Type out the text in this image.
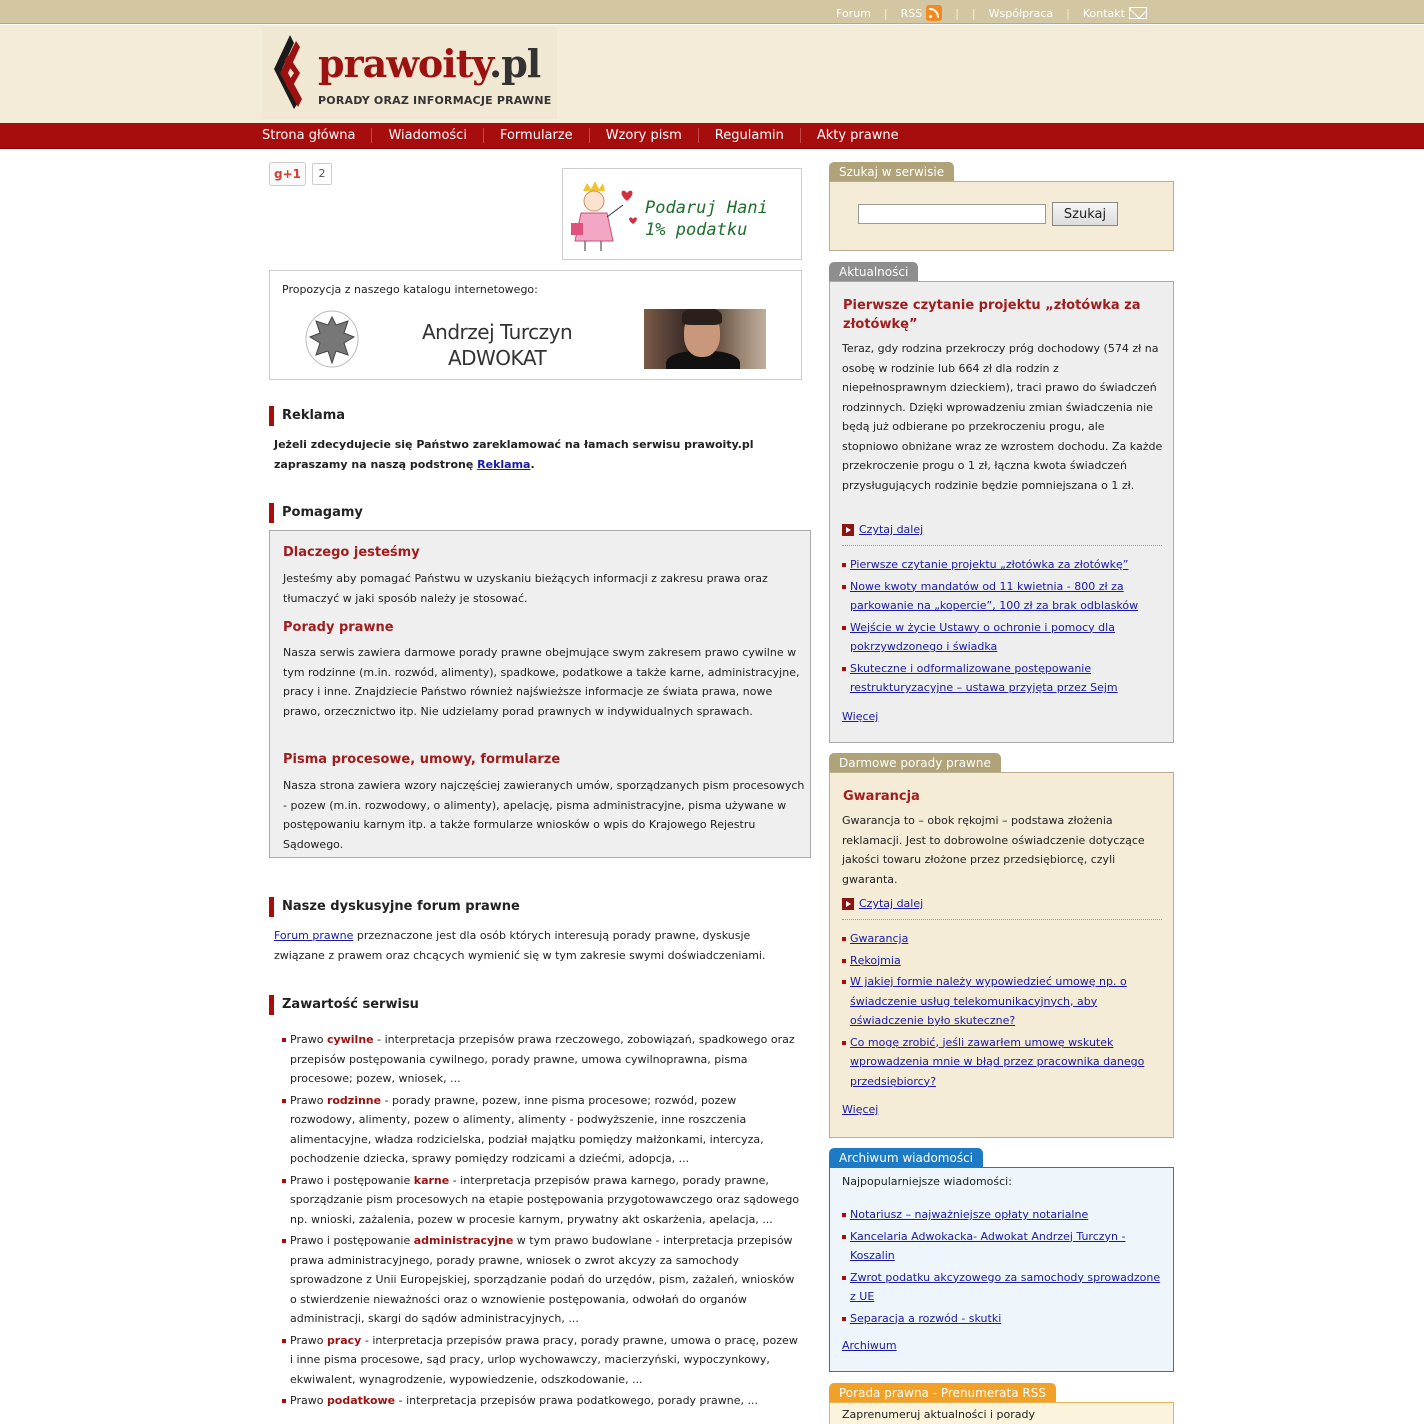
Forum | RSS	| | Współpraca | Kontakt
prawoity.pl
PORADY ORAZ INFORMACJE PRAWNE
Strona główna	Wiadomości	Formularze	Wzory pism	Regulamin	Akty prawne
g+1	2
Podaruj Hani
1% podatku
Propozycja z naszego katalogu internetowego:
Andrzej Turczyn
ADWOKAT
Reklama
Jeżeli zdecydujecie się Państwo zareklamować na łamach serwisu prawoity.pl zapraszamy na naszą podstronę Reklama.
Pomagamy
Dlaczego jesteśmy
Jesteśmy aby pomagać Państwu w uzyskaniu bieżących informacji z zakresu prawa oraz tłumaczyć w jaki sposób należy je stosować.
Porady prawne
Nasza serwis zawiera darmowe porady prawne obejmujące swym zakresem prawo cywilne w tym rodzinne (m.in. rozwód, alimenty), spadkowe, podatkowe a także karne, administracyjne, pracy i inne. Znajdziecie Państwo również najświeższe informacje ze świata prawa, nowe prawo, orzecznictwo itp. Nie udzielamy porad prawnych w indywidualnych sprawach.
Pisma procesowe, umowy, formularze
Nasza strona zawiera wzory najczęściej zawieranych umów, sporządzanych pism procesowych - pozew (m.in. rozwodowy, o alimenty), apelację, pisma administracyjne, pisma używane w postępowaniu karnym itp. a także formularze wniosków o wpis do Krajowego Rejestru Sądowego.
Nasze dyskusyjne forum prawne
Forum prawne przeznaczone jest dla osób których interesują porady prawne, dyskusje związane z prawem oraz chcących wymienić się w tym zakresie swymi doświadczeniami.
Zawartość serwisu
Prawo cywilne - interpretacja przepisów prawa rzeczowego, zobowiązań, spadkowego oraz przepisów postępowania cywilnego, porady prawne, umowa cywilnoprawna, pisma procesowe; pozew, wniosek, ...
Prawo rodzinne - porady prawne, pozew, inne pisma procesowe; rozwód, pozew rozwodowy, alimenty, pozew o alimenty, alimenty - podwyższenie, inne roszczenia alimentacyjne, władza rodzicielska, podział majątku pomiędzy małżonkami, intercyza, pochodzenie dziecka, sprawy pomiędzy rodzicami a dziećmi, adopcja, ...
Prawo i postępowanie karne - interpretacja przepisów prawa karnego, porady prawne, sporządzanie pism procesowych na etapie postępowania przygotowawczego oraz sądowego np. wnioski, zażalenia, pozew w procesie karnym, prywatny akt oskarżenia, apelacja, ...
Prawo i postępowanie administracyjne w tym prawo budowlane - interpretacja przepisów prawa administracyjnego, porady prawne, wniosek o zwrot akcyzy za samochody sprowadzone z Unii Europejskiej, sporządzanie podań do urzędów, pism, zażaleń, wniosków o stwierdzenie nieważności oraz o wznowienie postępowania, odwołań do organów administracji, skargi do sądów administracyjnych, ...
Prawo pracy - interpretacja przepisów prawa pracy, porady prawne, umowa o pracę, pozew i inne pisma procesowe, sąd pracy, urlop wychowawczy, macierzyński, wypoczynkowy, ekwiwalent, wynagrodzenie, wypowiedzenie, odszkodowanie, ...
Prawo podatkowe - interpretacja przepisów prawa podatkowego, porady prawne, ...
Szukaj w serwisie
Szukaj
Aktualności
Pierwsze czytanie projektu „złotówka za złotówkę”
Teraz, gdy rodzina przekroczy próg dochodowy (574 zł na osobę w rodzinie lub 664 zł dla rodzin z niepełnosprawnym dzieckiem), traci prawo do świadczeń rodzinnych. Dzięki wprowadzeniu zmian świadczenia nie będą już odbierane po przekroczeniu progu, ale stopniowo obniżane wraz ze wzrostem dochodu. Za każde przekroczenie progu o 1 zł, łączna kwota świadczeń przysługujących rodzinie będzie pomniejszana o 1 zł.
Czytaj dalej
Pierwsze czytanie projektu „złotówka za złotówkę”
Nowe kwoty mandatów od 11 kwietnia - 800 zł za parkowanie na „kopercie”, 100 zł za brak odblasków
Wejście w życie Ustawy o ochronie i pomocy dla pokrzywdzonego i świadka
Skuteczne i odformalizowane postępowanie restrukturyzacyjne – ustawa przyjęta przez Sejm
Więcej
Darmowe porady prawne
Gwarancja
Gwarancja to – obok rękojmi – podstawa złożenia reklamacji. Jest to dobrowolne oświadczenie dotyczące jakości towaru złożone przez przedsiębiorcę, czyli gwaranta.
Czytaj dalej
Gwarancja
Rękojmia
W jakiej formie należy wypowiedzieć umowę np. o świadczenie usług telekomunikacyjnych, aby oświadczenie było skuteczne?
Co mogę zrobić, jeśli zawarłem umowę wskutek wprowadzenia mnie w błąd przez pracownika danego przedsiębiorcy?
Więcej
Archiwum wiadomości
Najpopularniejsze wiadomości:
Notariusz – najważniejsze opłaty notarialne
Kancelaria Adwokacka- Adwokat Andrzej Turczyn - Koszalin
Zwrot podatku akcyzowego za samochody sprowadzone z UE
Separacja a rozwód - skutki
Archiwum
Porada prawna - Prenumerata RSS
Zaprenumeruj aktualności i porady
